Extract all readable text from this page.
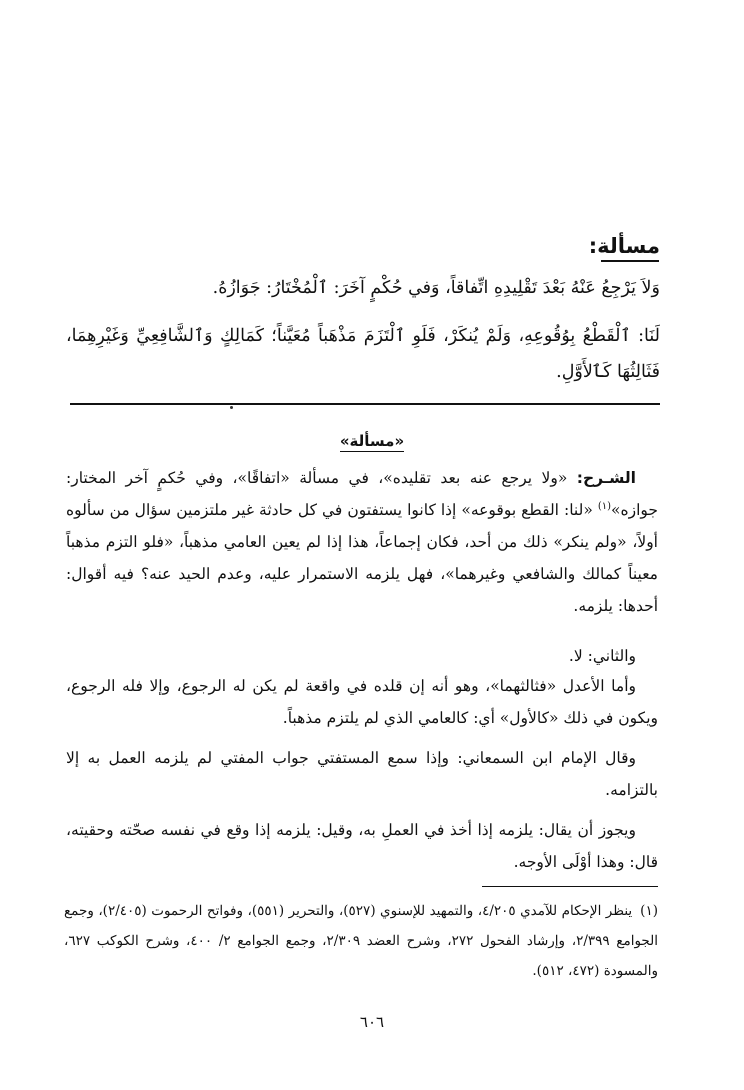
مسألة:

وَلاَ يَرْجِعُ عَنْهُ بَعْدَ تَقْلِيدِهِ اتِّفاقاً، وَفي حُكْمٍ آخَرَ: ٱلْمُخْتَارُ: جَوَازُهُ.

لَنَا: ٱلْقَطْعُ بِوُقُوعِهِ، وَلَمْ يُنكَرْ، فَلَوِ ٱلْتَزَمَ مَذْهَباً مُعَيَّناً؛ كَمَالِكٍ وَٱلشَّافِعِيِّ وَغَيْرِهِمَا، فَثَالِثُهَا كَٱلأَوَّلِ.

«مسألة»

الشـرح: «ولا يرجع عنه بعد تقليده»، في مسألة «اتفاقًا»، وفي حُكمٍ آخر المختار: جوازه»$^{(١)}$ «لنا: القطع بوقوعه» إذا كانوا يستفتون في كل حادثة غير ملتزمين سؤال من سألوه أولاً، «ولم ينكر» ذلك من أحد، فكان إجماعاً، هذا إذا لم يعين العامي مذهباً، «فلو التزم مذهباً معيناً كمالك والشافعي وغيرهما»، فهل يلزمه الاستمرار عليه، وعدم الحيد عنه؟ فيه أقوال: أحدها: يلزمه.

والثاني: لا.

وأما الأعدل «فثالثهما»، وهو أنه إن قلده في واقعة لم يكن له الرجوع، وإلا فله الرجوع، ويكون في ذلك «كالأول» أي: كالعامي الذي لم يلتزم مذهباً.

وقال الإمام ابن السمعاني: وإذا سمع المستفتي جواب المفتي لم يلزمه العمل به إلا بالتزامه.

ويجوز أن يقال: يلزمه إذا أخذ في العملِ به، وقيل: يلزمه إذا وقع في نفسه صحّته وحقيته، قال: وهذا أوْلَى الأوجه.

(١)ينظر الإحكام للآمدي ٤/٢٠٥، والتمهيد للإسنوي (٥٢٧)، والتحرير (٥٥١)، وفواتح الرحموت (٢/٤٠٥)، وجمع الجوامع ٢/٣٩٩، وإرشاد الفحول ٢٧٢، وشرح العضد ٢/٣٠٩، وجمع الجوامع ٢/ ٤٠٠، وشرح الكوكب ٦٢٧، والمسودة (٤٧٢، ٥١٢).

٦٠٦
